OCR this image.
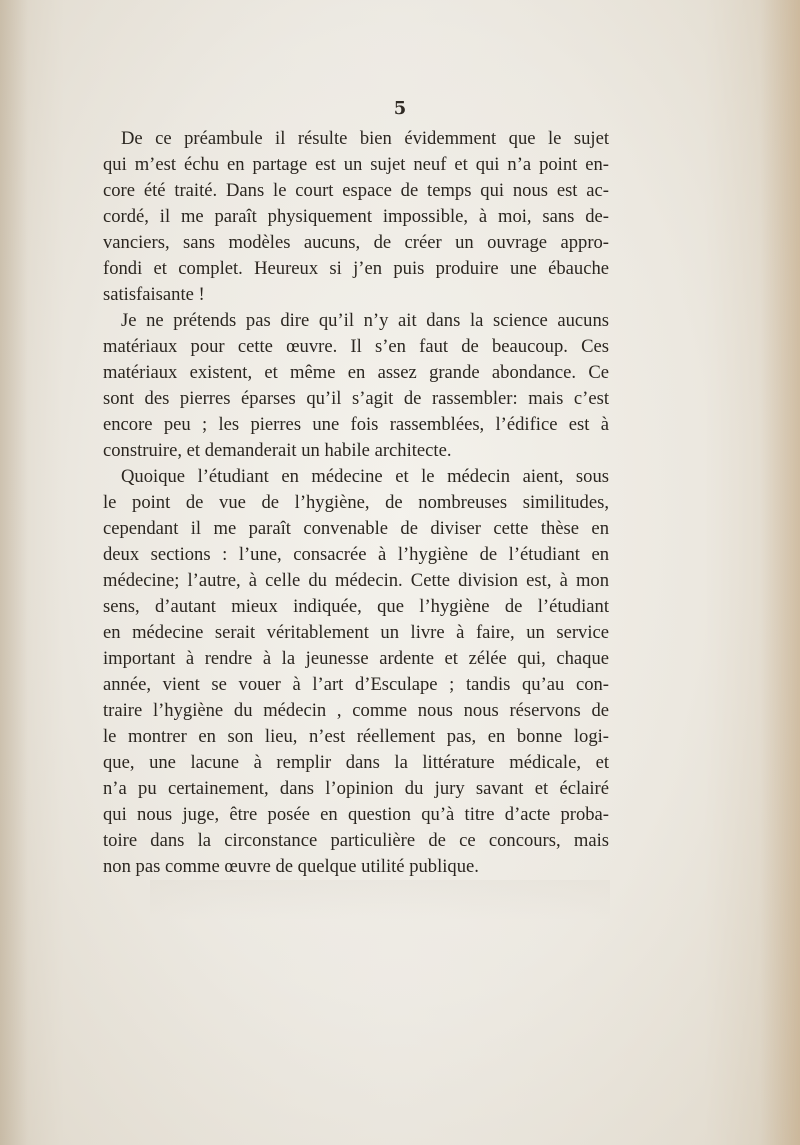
5
De ce préambule il résulte bien évidemment que le sujet
qui m’est échu en partage est un sujet neuf et qui n’a point en-
core été traité. Dans le court espace de temps qui nous est ac-
cordé, il me paraît physiquement impossible, à moi, sans de-
vanciers, sans modèles aucuns, de créer un ouvrage appro-
fondi et complet. Heureux si j’en puis produire une ébauche
satisfaisante !
Je ne prétends pas dire qu’il n’y ait dans la science aucuns
matériaux pour cette œuvre. Il s’en faut de beaucoup. Ces
matériaux existent, et même en assez grande abondance. Ce
sont des pierres éparses qu’il s’agit de rassembler: mais c’est
encore peu ; les pierres une fois rassemblées, l’édifice est à
construire, et demanderait un habile architecte.
Quoique l’étudiant en médecine et le médecin aient, sous
le point de vue de l’hygiène, de nombreuses similitudes,
cependant il me paraît convenable de diviser cette thèse en
deux sections : l’une, consacrée à l’hygiène de l’étudiant en
médecine; l’autre, à celle du médecin. Cette division est, à mon
sens, d’autant mieux indiquée, que l’hygiène de l’étudiant
en médecine serait véritablement un livre à faire, un service
important à rendre à la jeunesse ardente et zélée qui, chaque
année, vient se vouer à l’art d’Esculape ; tandis qu’au con-
traire l’hygiène du médecin , comme nous nous réservons de
le montrer en son lieu, n’est réellement pas, en bonne logi-
que, une lacune à remplir dans la littérature médicale, et
n’a pu certainement, dans l’opinion du jury savant et éclairé
qui nous juge, être posée en question qu’à titre d’acte proba-
toire dans la circonstance particulière de ce concours, mais
non pas comme œuvre de quelque utilité publique.
